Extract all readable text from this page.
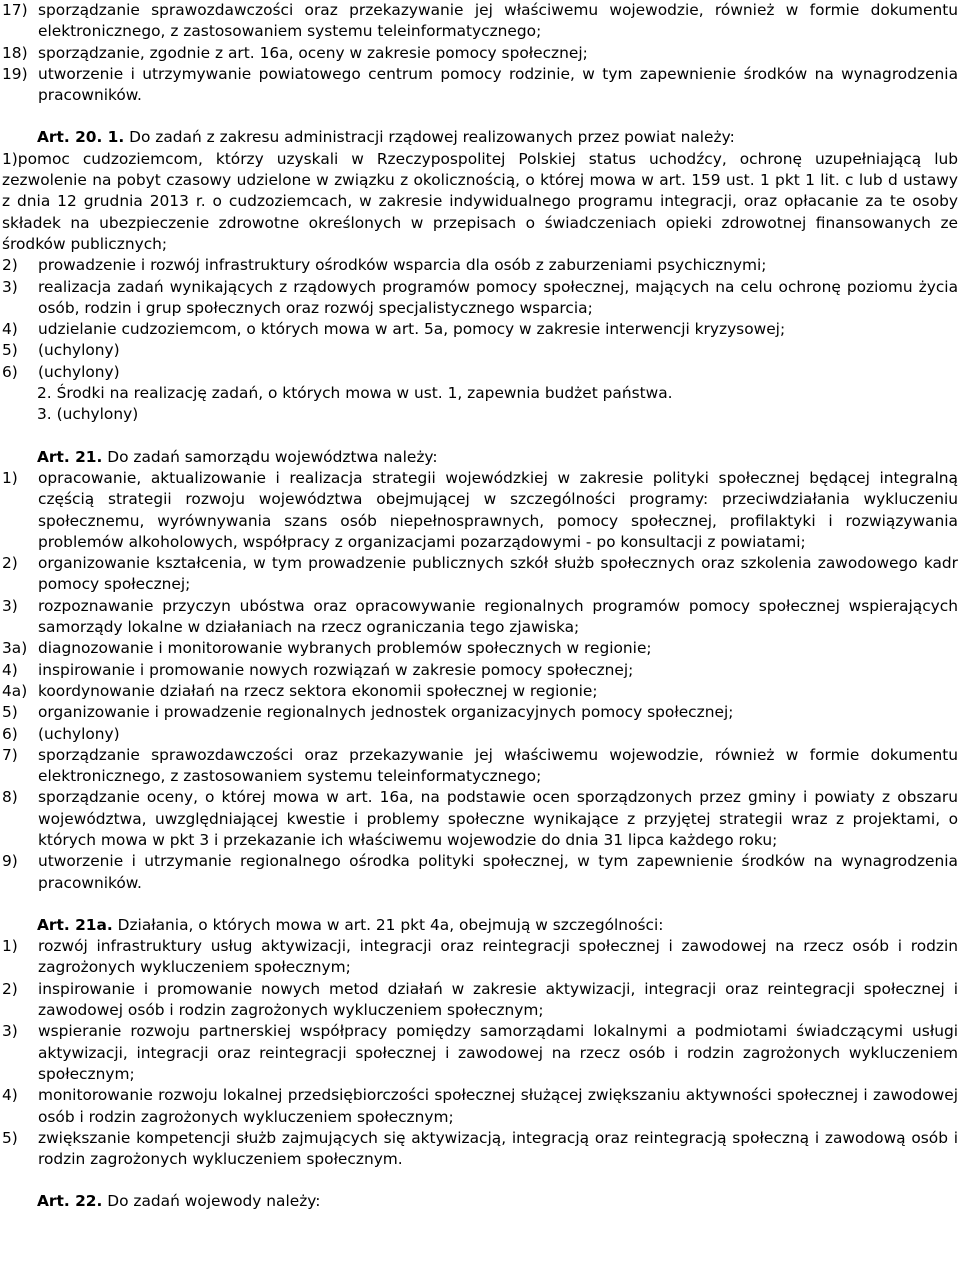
17) sporządzanie sprawozdawczości oraz przekazywanie jej właściwemu wojewodzie, również w formie dokumentu elektronicznego, z zastosowaniem systemu teleinformatycznego;
18) sporządzanie, zgodnie z art. 16a, oceny w zakresie pomocy społecznej;
19) utworzenie i utrzymywanie powiatowego centrum pomocy rodzinie, w tym zapewnienie środków na wynagrodzenia pracowników.
Art. 20. 1. Do zadań z zakresu administracji rządowej realizowanych przez powiat należy:
1)pomoc cudzoziemcom, którzy uzyskali w Rzeczypospolitej Polskiej status uchodźcy, ochronę uzupełniającą lub zezwolenie na pobyt czasowy udzielone w związku z okolicznością, o której mowa w art. 159 ust. 1 pkt 1 lit. c lub d ustawy z dnia 12 grudnia 2013 r. o cudzoziemcach, w zakresie indywidualnego programu integracji, oraz opłacanie za te osoby składek na ubezpieczenie zdrowotne określonych w przepisach o świadczeniach opieki zdrowotnej finansowanych ze środków publicznych;
2)	prowadzenie i rozwój infrastruktury ośrodków wsparcia dla osób z zaburzeniami psychicznymi;
3)	realizacja zadań wynikających z rządowych programów pomocy społecznej, mających na celu ochronę poziomu życia osób, rodzin i grup społecznych oraz rozwój specjalistycznego wsparcia;
4)	udzielanie cudzoziemcom, o których mowa w art. 5a, pomocy w zakresie interwencji kryzysowej;
5)	(uchylony)
6)	(uchylony)
2. Środki na realizację zadań, o których mowa w ust. 1, zapewnia budżet państwa.
3. (uchylony)
Art. 21. Do zadań samorządu województwa należy:
1)	opracowanie, aktualizowanie i realizacja strategii wojewódzkiej w zakresie polityki społecznej będącej integralną częścią strategii rozwoju województwa obejmującej w szczególności programy: przeciwdziałania wykluczeniu społecznemu, wyrównywania szans osób niepełnosprawnych, pomocy społecznej, profilaktyki i rozwiązywania problemów alkoholowych, współpracy z organizacjami pozarządowymi - po konsultacji z powiatami;
2)	organizowanie kształcenia, w tym prowadzenie publicznych szkół służb społecznych oraz szkolenia zawodowego kadr pomocy społecznej;
3)	rozpoznawanie przyczyn ubóstwa oraz opracowywanie regionalnych programów pomocy społecznej wspierających samorządy lokalne w działaniach na rzecz ograniczania tego zjawiska;
3a) diagnozowanie i monitorowanie wybranych problemów społecznych w regionie;
4)	inspirowanie i promowanie nowych rozwiązań w zakresie pomocy społecznej;
4a) koordynowanie działań na rzecz sektora ekonomii społecznej w regionie;
5)	organizowanie i prowadzenie regionalnych jednostek organizacyjnych pomocy społecznej;
6)	(uchylony)
7)	sporządzanie sprawozdawczości oraz przekazywanie jej właściwemu wojewodzie, również w formie dokumentu elektronicznego, z zastosowaniem systemu teleinformatycznego;
8)	sporządzanie oceny, o której mowa w art. 16a, na podstawie ocen sporządzonych przez gminy i powiaty z obszaru województwa, uwzględniającej kwestie i problemy społeczne wynikające z przyjętej strategii wraz z projektami, o których mowa w pkt 3 i przekazanie ich właściwemu wojewodzie do dnia 31 lipca każdego roku;
9)	utworzenie i utrzymanie regionalnego ośrodka polityki społecznej, w tym zapewnienie środków na wynagrodzenia pracowników.
Art. 21a. Działania, o których mowa w art. 21 pkt 4a, obejmują w szczególności:
1)	rozwój infrastruktury usług aktywizacji, integracji oraz reintegracji społecznej i zawodowej na rzecz osób i rodzin zagrożonych wykluczeniem społecznym;
2)	inspirowanie i promowanie nowych metod działań w zakresie aktywizacji, integracji oraz reintegracji społecznej i zawodowej osób i rodzin zagrożonych wykluczeniem społecznym;
3)	wspieranie rozwoju partnerskiej współpracy pomiędzy samorządami lokalnymi a podmiotami świadczącymi usługi aktywizacji, integracji oraz reintegracji społecznej i zawodowej na rzecz osób i rodzin zagrożonych wykluczeniem społecznym;
4)	monitorowanie rozwoju lokalnej przedsiębiorczości społecznej służącej zwiększaniu aktywności społecznej i zawodowej osób i rodzin zagrożonych wykluczeniem społecznym;
5)	zwiększanie kompetencji służb zajmujących się aktywizacją, integracją oraz reintegracją społeczną i zawodową osób i rodzin zagrożonych wykluczeniem społecznym.
Art. 22. Do zadań wojewody należy:
